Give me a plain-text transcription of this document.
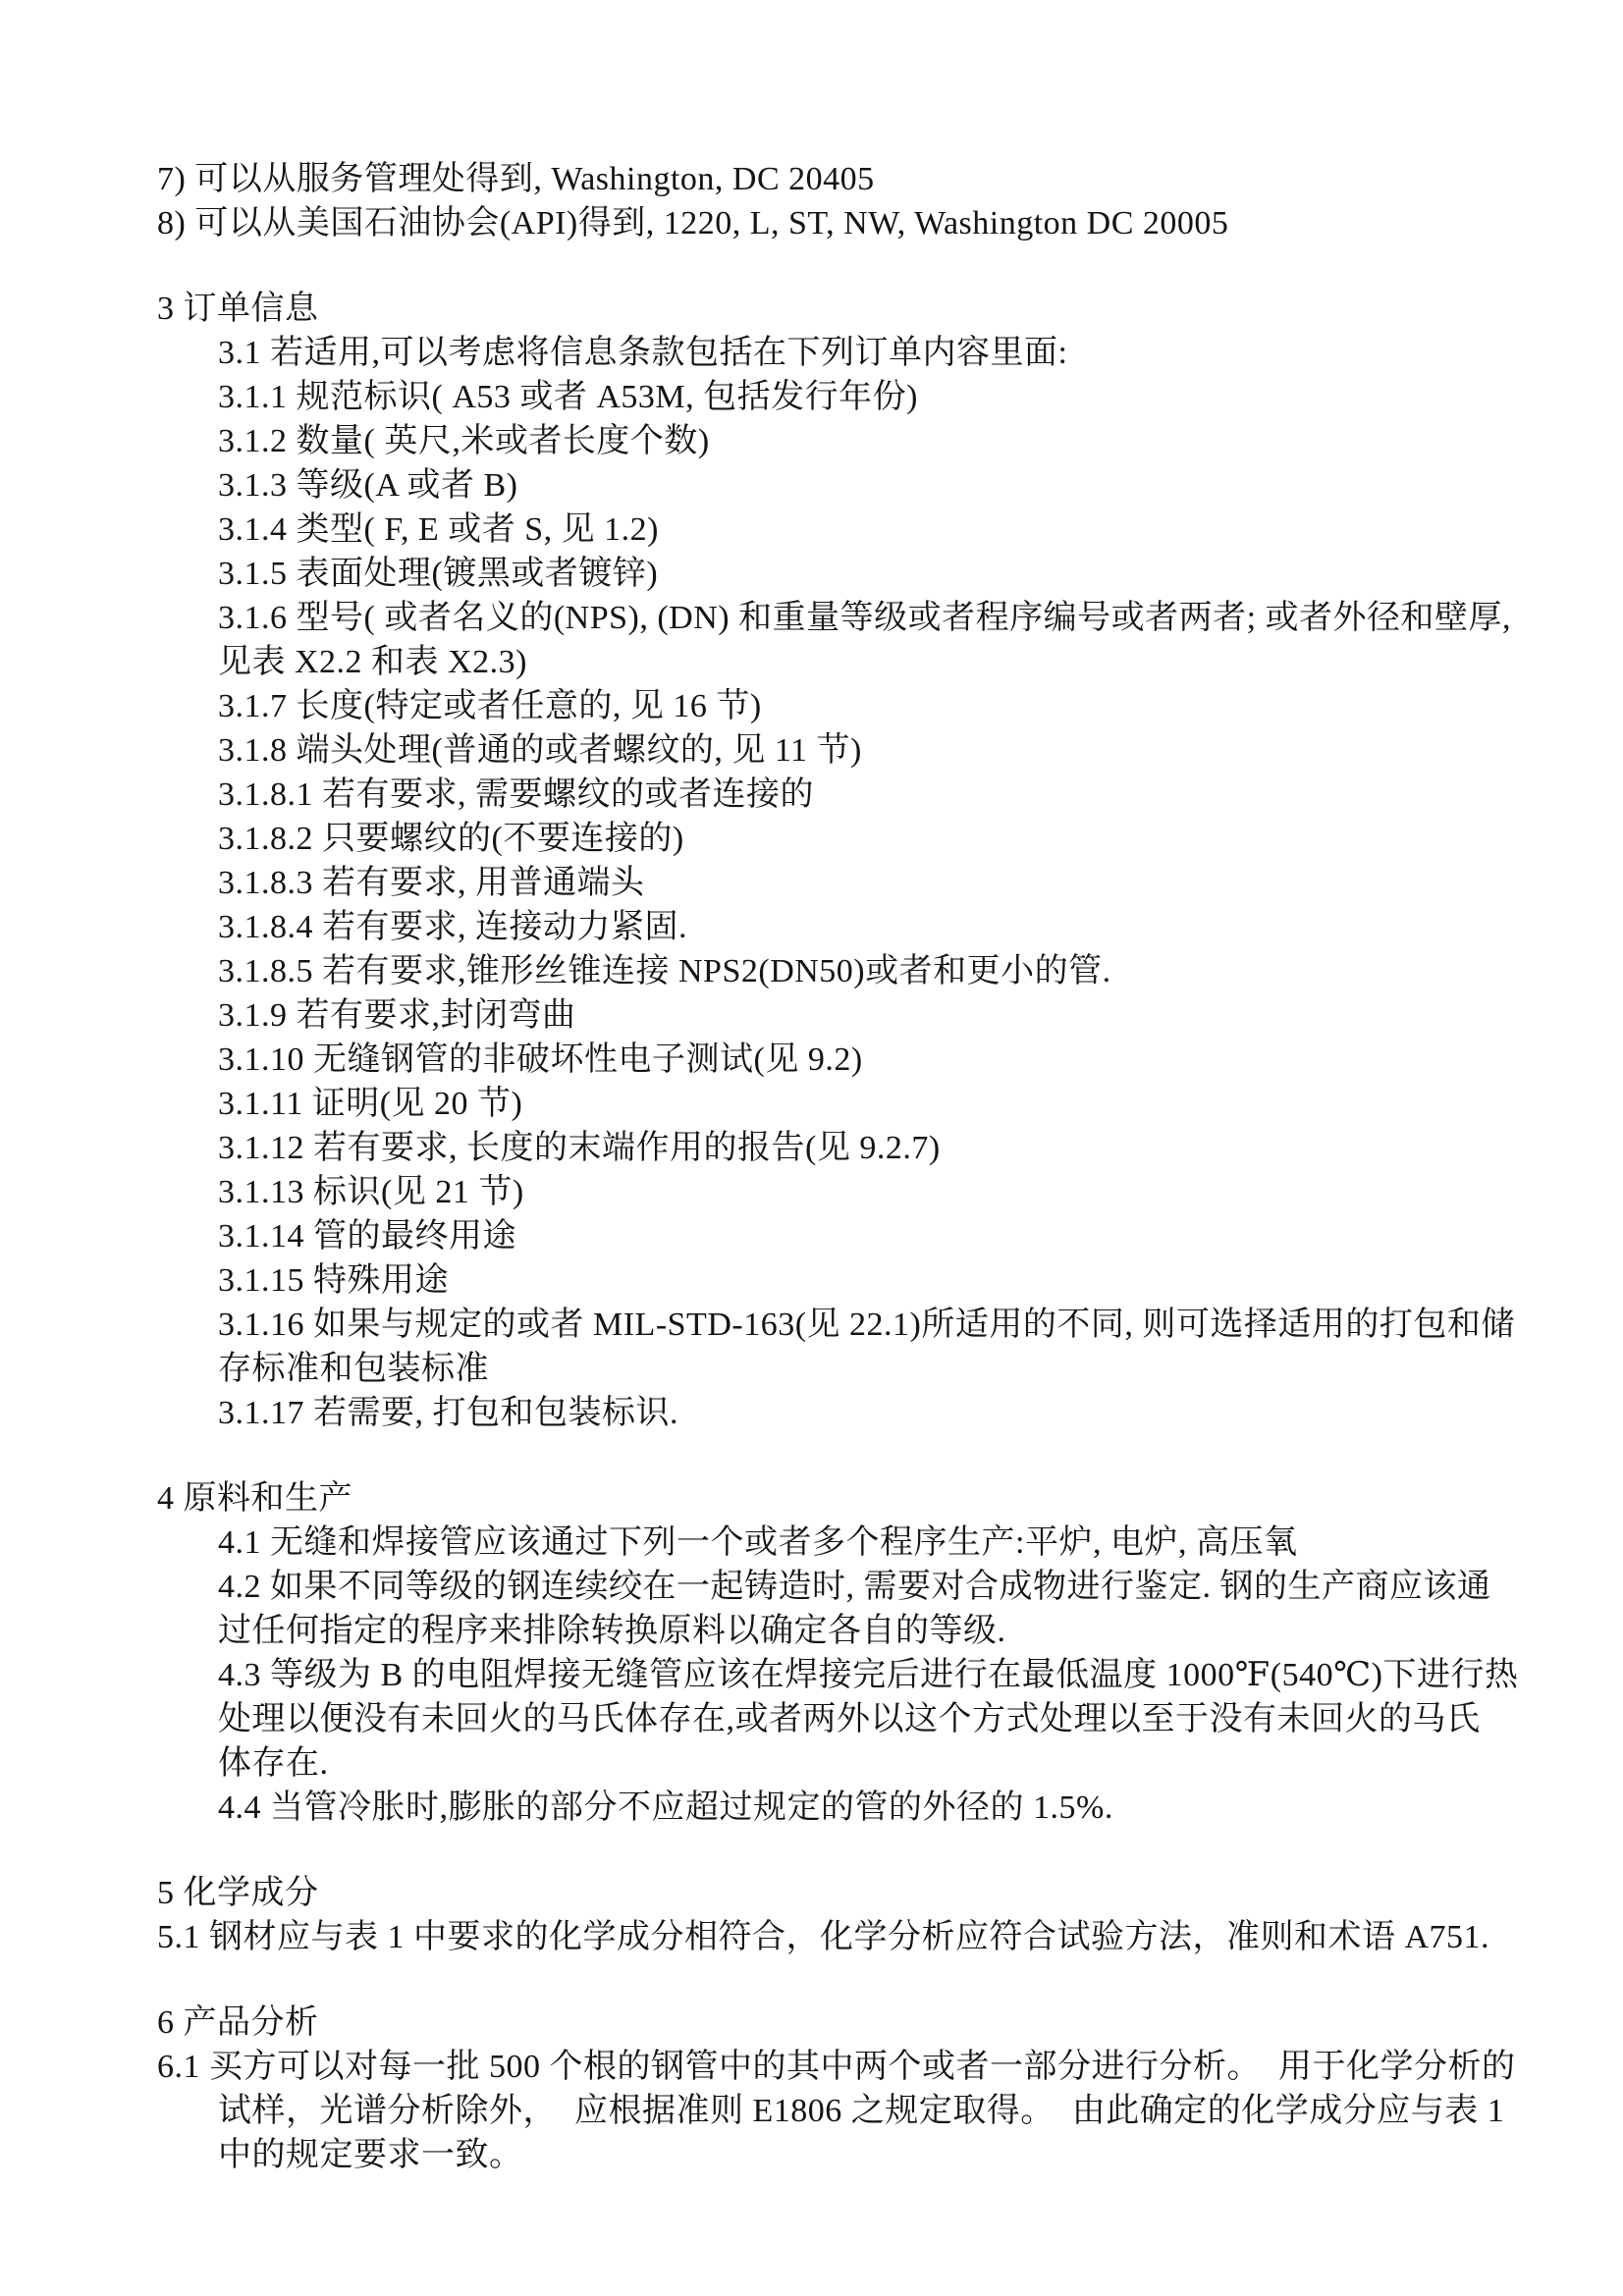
7) 可以从服务管理处得到, Washington, DC 20405
8) 可以从美国石油协会(API)得到, 1220, L, ST, NW, Washington DC 20005
3 订单信息
3.1 若适用,可以考虑将信息条款包括在下列订单内容里面:
3.1.1 规范标识( A53 或者 A53M, 包括发行年份)
3.1.2 数量( 英尺,米或者长度个数)
3.1.3 等级(A 或者 B)
3.1.4 类型( F, E 或者 S, 见 1.2)
3.1.5 表面处理(镀黑或者镀锌)
3.1.6 型号( 或者名义的(NPS), (DN) 和重量等级或者程序编号或者两者; 或者外径和壁厚,
见表 X2.2 和表 X2.3)
3.1.7 长度(特定或者任意的, 见 16 节)
3.1.8 端头处理(普通的或者螺纹的, 见 11 节)
3.1.8.1 若有要求, 需要螺纹的或者连接的
3.1.8.2 只要螺纹的(不要连接的)
3.1.8.3 若有要求, 用普通端头
3.1.8.4 若有要求, 连接动力紧固.
3.1.8.5 若有要求,锥形丝锥连接 NPS2(DN50)或者和更小的管.
3.1.9 若有要求,封闭弯曲
3.1.10 无缝钢管的非破坏性电子测试(见 9.2)
3.1.11 证明(见 20 节)
3.1.12 若有要求, 长度的末端作用的报告(见 9.2.7)
3.1.13 标识(见 21 节)
3.1.14 管的最终用途
3.1.15 特殊用途
3.1.16 如果与规定的或者 MIL-STD-163(见 22.1)所适用的不同, 则可选择适用的打包和储
存标准和包装标准
3.1.17 若需要, 打包和包装标识.
4 原料和生产
4.1 无缝和焊接管应该通过下列一个或者多个程序生产:平炉, 电炉, 高压氧
4.2 如果不同等级的钢连续绞在一起铸造时, 需要对合成物进行鉴定. 钢的生产商应该通
过任何指定的程序来排除转换原料以确定各自的等级.
4.3 等级为 B 的电阻焊接无缝管应该在焊接完后进行在最低温度 1000℉(540℃)下进行热
处理以便没有未回火的马氏体存在,或者两外以这个方式处理以至于没有未回火的马氏
体存在.
4.4 当管冷胀时,膨胀的部分不应超过规定的管的外径的 1.5%.
5 化学成分
5.1 钢材应与表 1 中要求的化学成分相符合，化学分析应符合试验方法，准则和术语 A751.
6 产品分析
6.1 买方可以对每一批 500 个根的钢管中的其中两个或者一部分进行分析。  用于化学分析的
试样，光谱分析除外，  应根据准则 E1806 之规定取得。  由此确定的化学成分应与表 1
中的规定要求一致。
